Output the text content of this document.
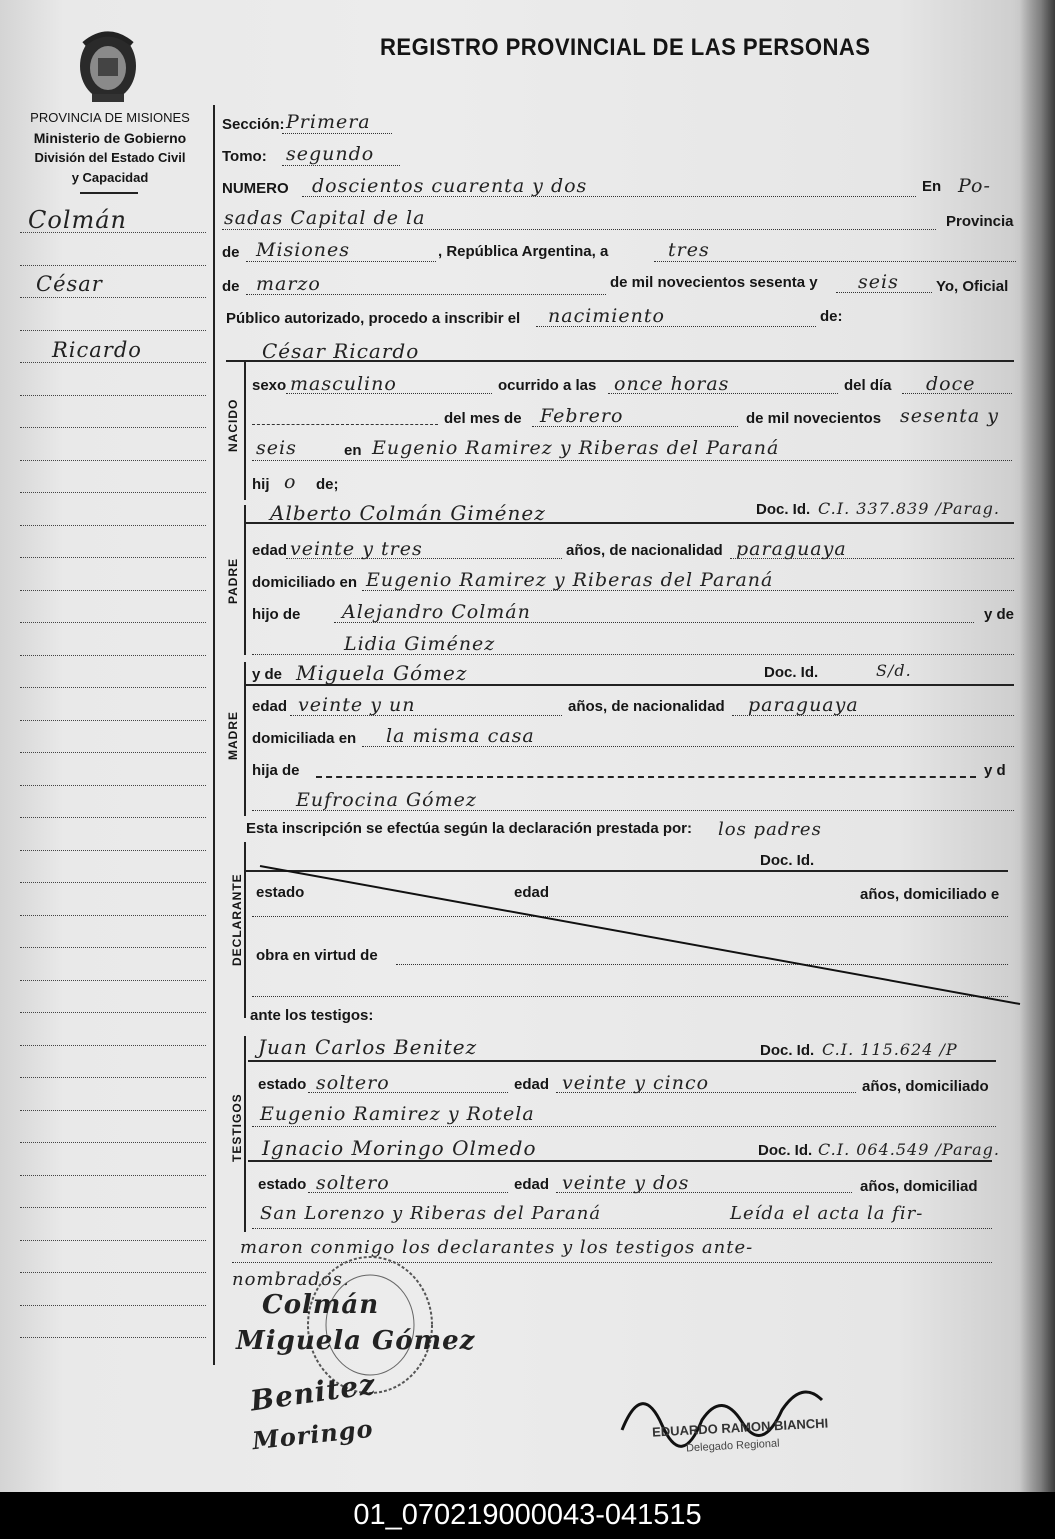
PROVINCIA DE MISIONES
Ministerio de Gobierno
División del Estado Civil
y Capacidad
REGISTRO PROVINCIAL DE LAS PERSONAS
Colmán
César
Ricardo
Sección: Primera
Tomo: segundo
NUMERO doscientos cuarenta y dos	En Po-
sadas Capital de la	Provincia
de Misiones	, República Argentina, a	tres
de marzo	de mil novecientos sesenta y seis Yo, Oficial
Público autorizado, procedo a inscribir el nacimiento	de:
César Ricardo
NACIDO
sexo masculino	ocurrido a las once horas	del día doce
del mes de Febrero	de mil novecientos sesenta y
seis	en Eugenio Ramirez y Riberas del Paraná
hij o de;
Alberto Colmán Giménez	Doc. Id. C.I. 337.839 /Parag.
PADRE
edad veinte y tres	años, de nacionalidad paraguaya
domiciliado en Eugenio Ramirez y Riberas del Paraná
hijo de Alejandro Colmán	y de
Lidia Giménez
y de Miguela Gómez	Doc. Id.	S/d.
MADRE
edad veinte y un	años, de nacionalidad paraguaya
domiciliada en la misma casa
hija de	y d
Eufrocina Gómez
Esta inscripción se efectúa según la declaración prestada por: los padres
Doc. Id.
DECLARANTE estado	edad	años, domiciliado e
obra en virtud de
ante los testigos:
TESTIGOS
Juan Carlos Benitez	Doc. Id. C.I. 115.624 /P
estado soltero	edad veinte y cinco	años, domiciliado
Eugenio Ramirez y Rotela
Ignacio Moringo Olmedo	Doc. Id. C.I. 064.549 /Parag.
estado soltero	edad veinte y dos	años, domiciliad
San Lorenzo y Riberas del Paraná	Leída el acta la fir-
maron conmigo los declarantes y los testigos ante-
nombrados.
Colmán
Miguela Gómez
Benitez
Moringo	EDUARDO RAMON BIANCHI
Delegado Regional
01_070219000043-041515
